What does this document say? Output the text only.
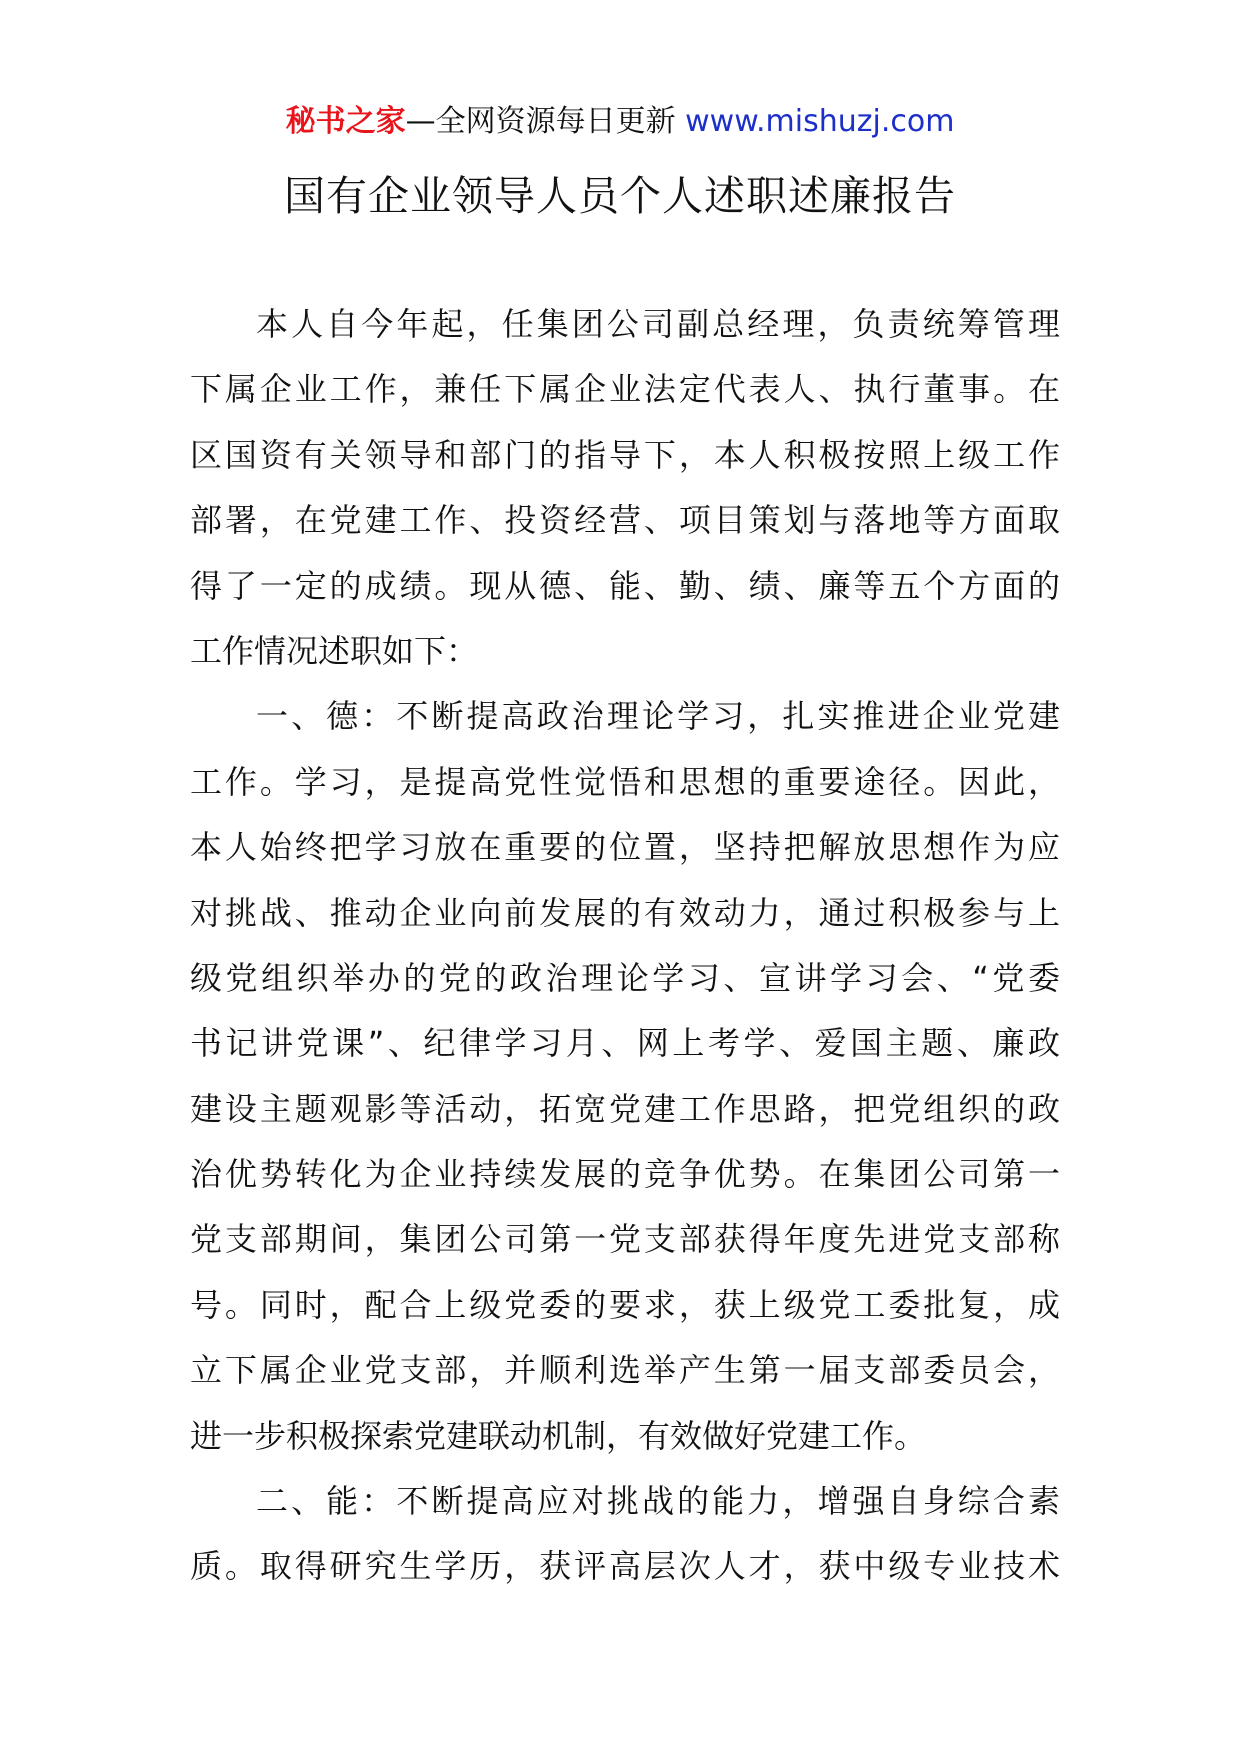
秘书之家—全网资源每日更新 www.mishuzj.com
国有企业领导人员个人述职述廉报告
本人自今年起，任集团公司副总经理，负责统筹管理
下属企业工作，兼任下属企业法定代表人、执行董事。在
区国资有关领导和部门的指导下，本人积极按照上级工作
部署，在党建工作、投资经营、项目策划与落地等方面取
得了一定的成绩。现从德、能、勤、绩、廉等五个方面的
工作情况述职如下：
一、德：不断提高政治理论学习，扎实推进企业党建
工作。学习，是提高党性觉悟和思想的重要途径。因此，
本人始终把学习放在重要的位置，坚持把解放思想作为应
对挑战、推动企业向前发展的有效动力，通过积极参与上
级党组织举办的党的政治理论学习、宣讲学习会、“党委
书记讲党课”、纪律学习月、网上考学、爱国主题、廉政
建设主题观影等活动，拓宽党建工作思路，把党组织的政
治优势转化为企业持续发展的竞争优势。在集团公司第一
党支部期间，集团公司第一党支部获得年度先进党支部称
号。同时，配合上级党委的要求，获上级党工委批复，成
立下属企业党支部，并顺利选举产生第一届支部委员会，
进一步积极探索党建联动机制，有效做好党建工作。
二、能：不断提高应对挑战的能力，增强自身综合素
质。取得研究生学历，获评高层次人才，获中级专业技术
